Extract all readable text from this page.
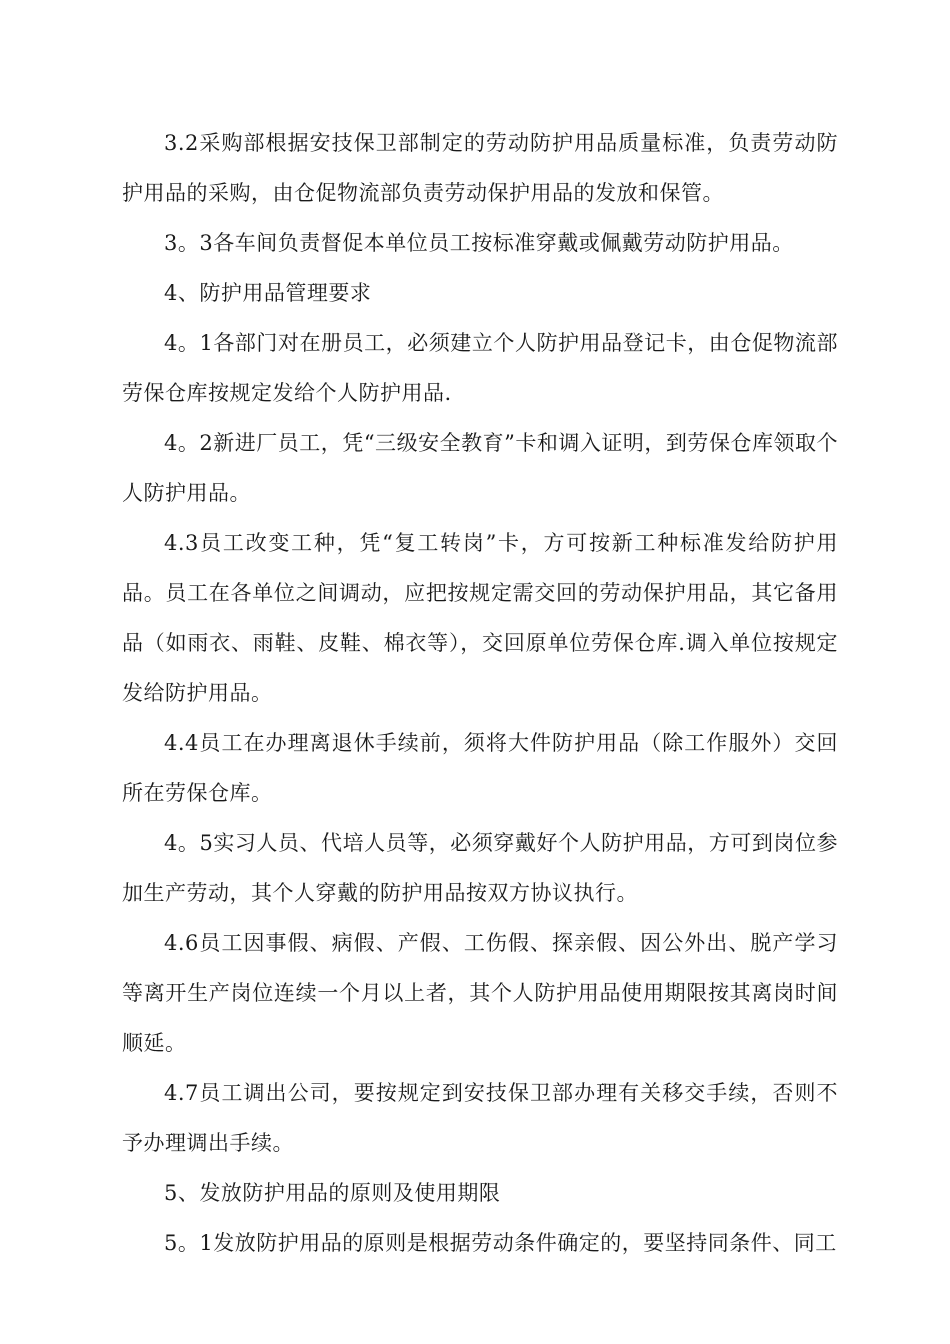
3.2采购部根据安技保卫部制定的劳动防护用品质量标准，负责劳动防护用品的采购，由仓促物流部负责劳动保护用品的发放和保管。

3。3各车间负责督促本单位员工按标准穿戴或佩戴劳动防护用品。

4、防护用品管理要求

4。1各部门对在册员工，必须建立个人防护用品登记卡，由仓促物流部劳保仓库按规定发给个人防护用品.

4。2新进厂员工，凭“三级安全教育”卡和调入证明，到劳保仓库领取个人防护用品。

4.3员工改变工种，凭“复工转岗”卡，方可按新工种标准发给防护用品。员工在各单位之间调动，应把按规定需交回的劳动保护用品，其它备用品（如雨衣、雨鞋、皮鞋、棉衣等），交回原单位劳保仓库.调入单位按规定发给防护用品。

4.4员工在办理离退休手续前，须将大件防护用品（除工作服外）交回所在劳保仓库。

4。5实习人员、代培人员等，必须穿戴好个人防护用品，方可到岗位参加生产劳动，其个人穿戴的防护用品按双方协议执行。

4.6员工因事假、病假、产假、工伤假、探亲假、因公外出、脱产学习等离开生产岗位连续一个月以上者，其个人防护用品使用期限按其离岗时间顺延。

4.7员工调出公司，要按规定到安技保卫部办理有关移交手续，否则不予办理调出手续。

5、发放防护用品的原则及使用期限

5。1发放防护用品的原则是根据劳动条件确定的，要坚持同条件、同工
